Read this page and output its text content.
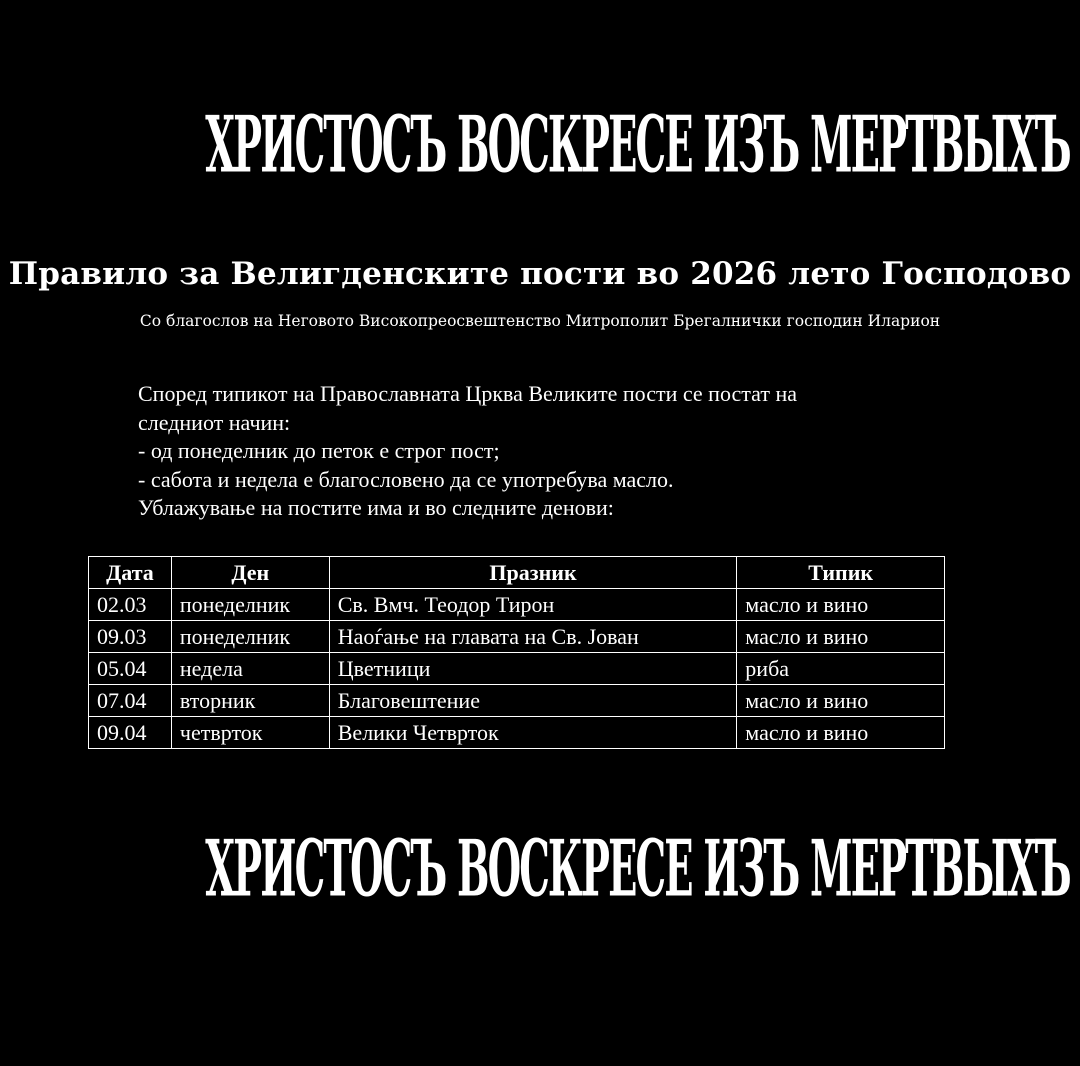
ХРИСТОСЪ ВОСКРЕСЕ ИЗЪ МЕРТВЫХЪ
Правило за Велигденските пости во 2026 лето Господово
Со благослов на Неговото Високопреосвештенство Митрополит Брегалнички господин Иларион
Според типикот на Православната Црква Великите пости се постат на
следниот начин:
- од понеделник до петок е строг пост;
- сабота и недела е благословено да се употребува масло.
Ублажување на постите има и во следните денови:
Дата	Ден	Празник	Типик
02.03	понеделник	Св. Вмч. Теодор Тирон	масло и вино
09.03	понеделник	Наоѓање на главата на Св. Јован	масло и вино
05.04	недела	Цветници	риба
07.04	вторник	Благовештение	масло и вино
09.04	четврток	Велики Четврток	масло и вино
ХРИСТОСЪ ВОСКРЕСЕ ИЗЪ МЕРТВЫХЪ
